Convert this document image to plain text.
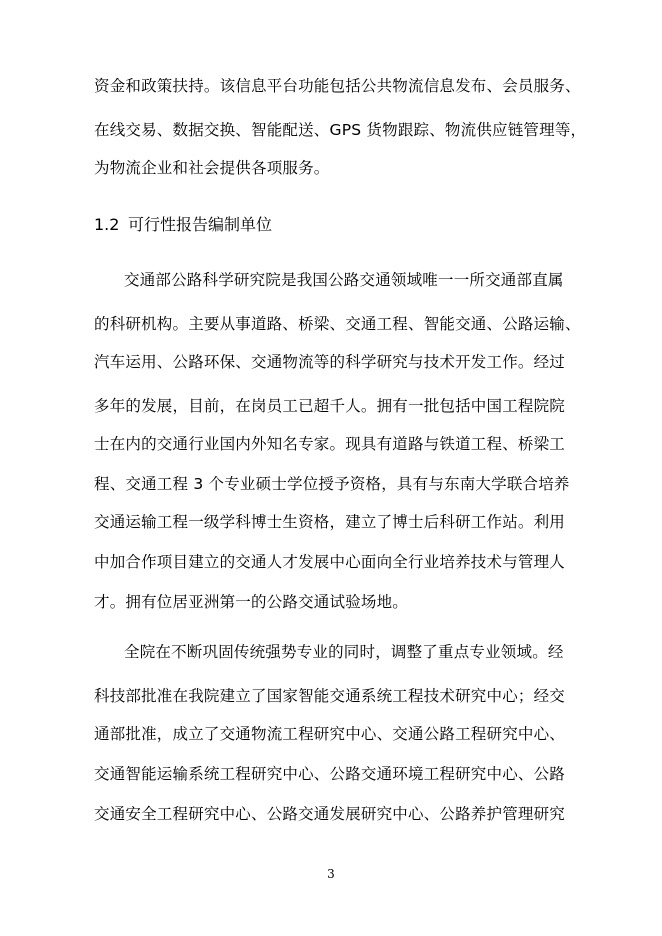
资金和政策扶持。该信息平台功能包括公共物流信息发布、会员服务、
在线交易、数据交换、智能配送、GPS 货物跟踪、物流供应链管理等，
为物流企业和社会提供各项服务。
1.2 可行性报告编制单位
交通部公路科学研究院是我国公路交通领域唯一一所交通部直属
的科研机构。主要从事道路、桥梁、交通工程、智能交通、公路运输、
汽车运用、公路环保、交通物流等的科学研究与技术开发工作。经过
多年的发展，目前，在岗员工已超千人。拥有一批包括中国工程院院
士在内的交通行业国内外知名专家。现具有道路与铁道工程、桥梁工
程、交通工程 3 个专业硕士学位授予资格，具有与东南大学联合培养
交通运输工程一级学科博士生资格，建立了博士后科研工作站。利用
中加合作项目建立的交通人才发展中心面向全行业培养技术与管理人
才。拥有位居亚洲第一的公路交通试验场地。
全院在不断巩固传统强势专业的同时，调整了重点专业领域。经
科技部批准在我院建立了国家智能交通系统工程技术研究中心；经交
通部批准，成立了交通物流工程研究中心、交通公路工程研究中心、
交通智能运输系统工程研究中心、公路交通环境工程研究中心、公路
交通安全工程研究中心、公路交通发展研究中心、公路养护管理研究
3
